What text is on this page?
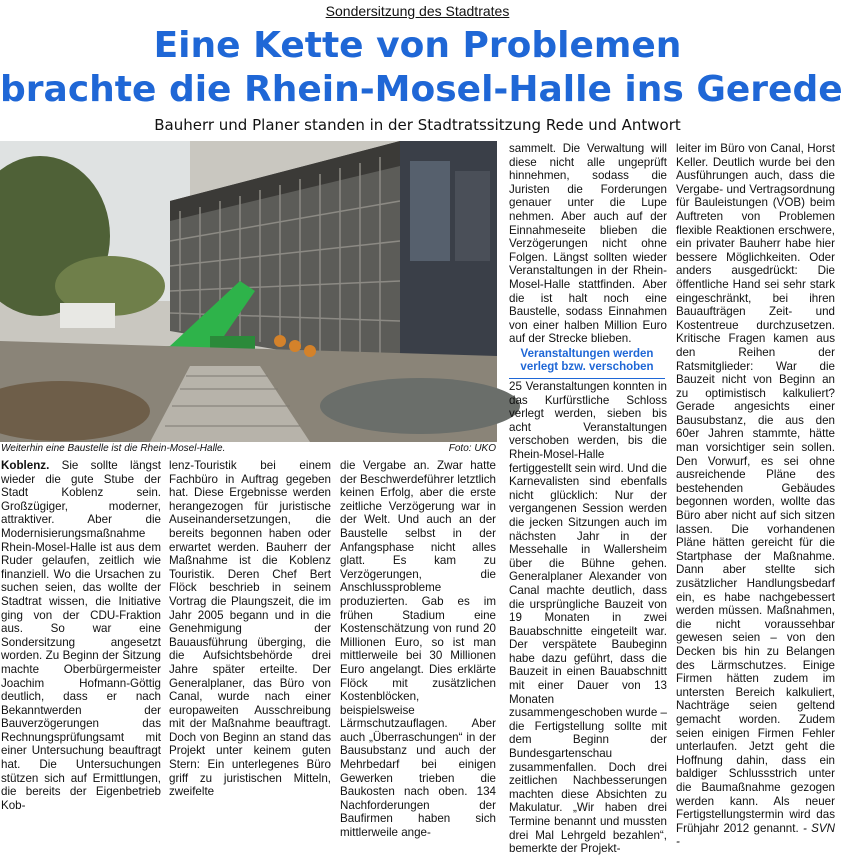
Sondersitzung des Stadtrates
Eine Kette von Problemen
brachte die Rhein-Mosel-Halle ins Gerede
Bauherr und Planer standen in der Stadtratssitzung Rede und Antwort
Weiterhin eine Baustelle ist die Rhein-Mosel-Halle.	Foto: UKO

Koblenz. Sie sollte längst wieder die gute Stube der Stadt Koblenz sein. Großzügiger, moderner, attraktiver. Aber die Modernisierungsmaßnahme Rhein-Mosel-Halle ist aus dem Ruder gelaufen, zeitlich wie finanziell. Wo die Ursachen zu suchen seien, das wollte der Stadtrat wissen, die Initiative ging von der CDU-Fraktion aus. So war eine Sondersitzung angesetzt worden. Zu Beginn der Sitzung machte Oberbürgermeister Joachim Hofmann-Göttig deutlich, dass er nach Bekanntwerden der Bauverzögerungen das Rechnungsprüfungsamt mit einer Untersuchung beauftragt hat. Die Untersuchungen stützen sich auf Ermittlungen, die bereits der Eigenbetrieb Kob-

lenz-Touristik bei einem Fachbüro in Auftrag gegeben hat. Diese Ergebnisse werden herangezogen für juristische Auseinandersetzungen, die bereits begonnen haben oder erwartet werden. Bauherr der Maßnahme ist die Koblenz Touristik. Deren Chef Bert Flöck beschrieb in seinem Vortrag die Plaungszeit, die im Jahr 2005 begann und in die Genehmigung der Bauausführung überging, die die Aufsichtsbehörde drei Jahre später erteilte. Der Generalplaner, das Büro von Canal, wurde nach einer europaweiten Ausschreibung mit der Maßnahme beauftragt. Doch von Beginn an stand das Projekt unter keinem guten Stern: Ein unterlegenes Büro griff zu juristischen Mitteln, zweifelte

die Vergabe an. Zwar hatte der Beschwerdeführer letztlich keinen Erfolg, aber die erste zeitliche Verzögerung war in der Welt. Und auch an der Baustelle selbst in der Anfangsphase nicht alles glatt. Es kam zu Verzögerungen, die Anschlussprobleme produzierten. Gab es im frühen Stadium eine Kostenschätzung von rund 20 Millionen Euro, so ist man mittlerweile bei 30 Millionen Euro angelangt. Dies erklärte Flöck mit zusätzlichen Kostenblöcken, beispielsweise Lärmschutzauflagen. Aber auch „Überraschungen“ in der Bausubstanz und auch der Mehrbedarf bei einigen Gewerken trieben die Baukosten nach oben. 134 Nachforderungen der Baufirmen haben sich mittlerweile ange-

sammelt. Die Verwaltung will diese nicht alle ungeprüft hinnehmen, sodass die Juristen die Forderungen genauer unter die Lupe nehmen. Aber auch auf der Einnahmeseite blieben die Verzögerungen nicht ohne Folgen. Längst sollten wieder Veranstaltungen in der Rhein-Mosel-Halle stattfinden. Aber die ist halt noch eine Baustelle, sodass Einnahmen von einer halben Million Euro auf der Strecke blieben.

Veranstaltungen werden verlegt bzw. verschoben

25 Veranstaltungen konnten in das Kurfürstliche Schloss verlegt werden, sieben bis acht Veranstaltungen verschoben werden, bis die Rhein-Mosel-Halle fertiggestellt sein wird. Und die Karnevalisten sind ebenfalls nicht glücklich: Nur der vergangenen Session werden die jecken Sitzungen auch im nächsten Jahr in der Messehalle in Wallersheim über die Bühne gehen. Generalplaner Alexander von Canal machte deutlich, dass die ursprüngliche Bauzeit von 19 Monaten in zwei Bauabschnitte eingeteilt war. Der verspätete Baubeginn habe dazu geführt, dass die Bauzeit in einen Bauabschnitt mit einer Dauer von 13 Monaten zusammengeschoben wurde – die Fertigstellung sollte mit dem Beginn der Bundesgartenschau zusammenfallen. Doch drei zeitlichen Nachbesserungen machten diese Absichten zu Makulatur. „Wir haben drei Termine benannt und mussten drei Mal Lehrgeld bezahlen“, bemerkte der Projekt-

leiter im Büro von Canal, Horst Keller. Deutlich wurde bei den Ausführungen auch, dass die Vergabe- und Vertragsordnung für Bauleistungen (VOB) beim Auftreten von Problemen flexible Reaktionen erschwere, ein privater Bauherr habe hier bessere Möglichkeiten. Oder anders ausgedrückt: Die öffentliche Hand sei sehr stark eingeschränkt, bei ihren Bauaufträgen Zeit- und Kostentreue durchzusetzen. Kritische Fragen kamen aus den Reihen der Ratsmitglieder: War die Bauzeit nicht von Beginn an zu optimistisch kalkuliert? Gerade angesichts einer Bausubstanz, die aus den 60er Jahren stammte, hätte man vorsichtiger sein sollen. Den Vorwurf, es sei ohne ausreichende Pläne des bestehenden Gebäudes begonnen worden, wollte das Büro aber nicht auf sich sitzen lassen. Die vorhandenen Pläne hätten gereicht für die Startphase der Maßnahme. Dann aber stellte sich zusätzlicher Handlungsbedarf ein, es habe nachgebessert werden müssen. Maßnahmen, die nicht voraussehbar gewesen seien – von den Decken bis hin zu Belangen des Lärmschutzes. Einige Firmen hätten zudem im untersten Bereich kalkuliert, Nachträge seien geltend gemacht worden. Zudem seien einigen Firmen Fehler unterlaufen. Jetzt geht die Hoffnung dahin, dass ein baldiger Schlussstrich unter die Baumaßnahme gezogen werden kann. Als neuer Fertigstellungstermin wird das Frühjahr 2012 genannt. - SVN -
